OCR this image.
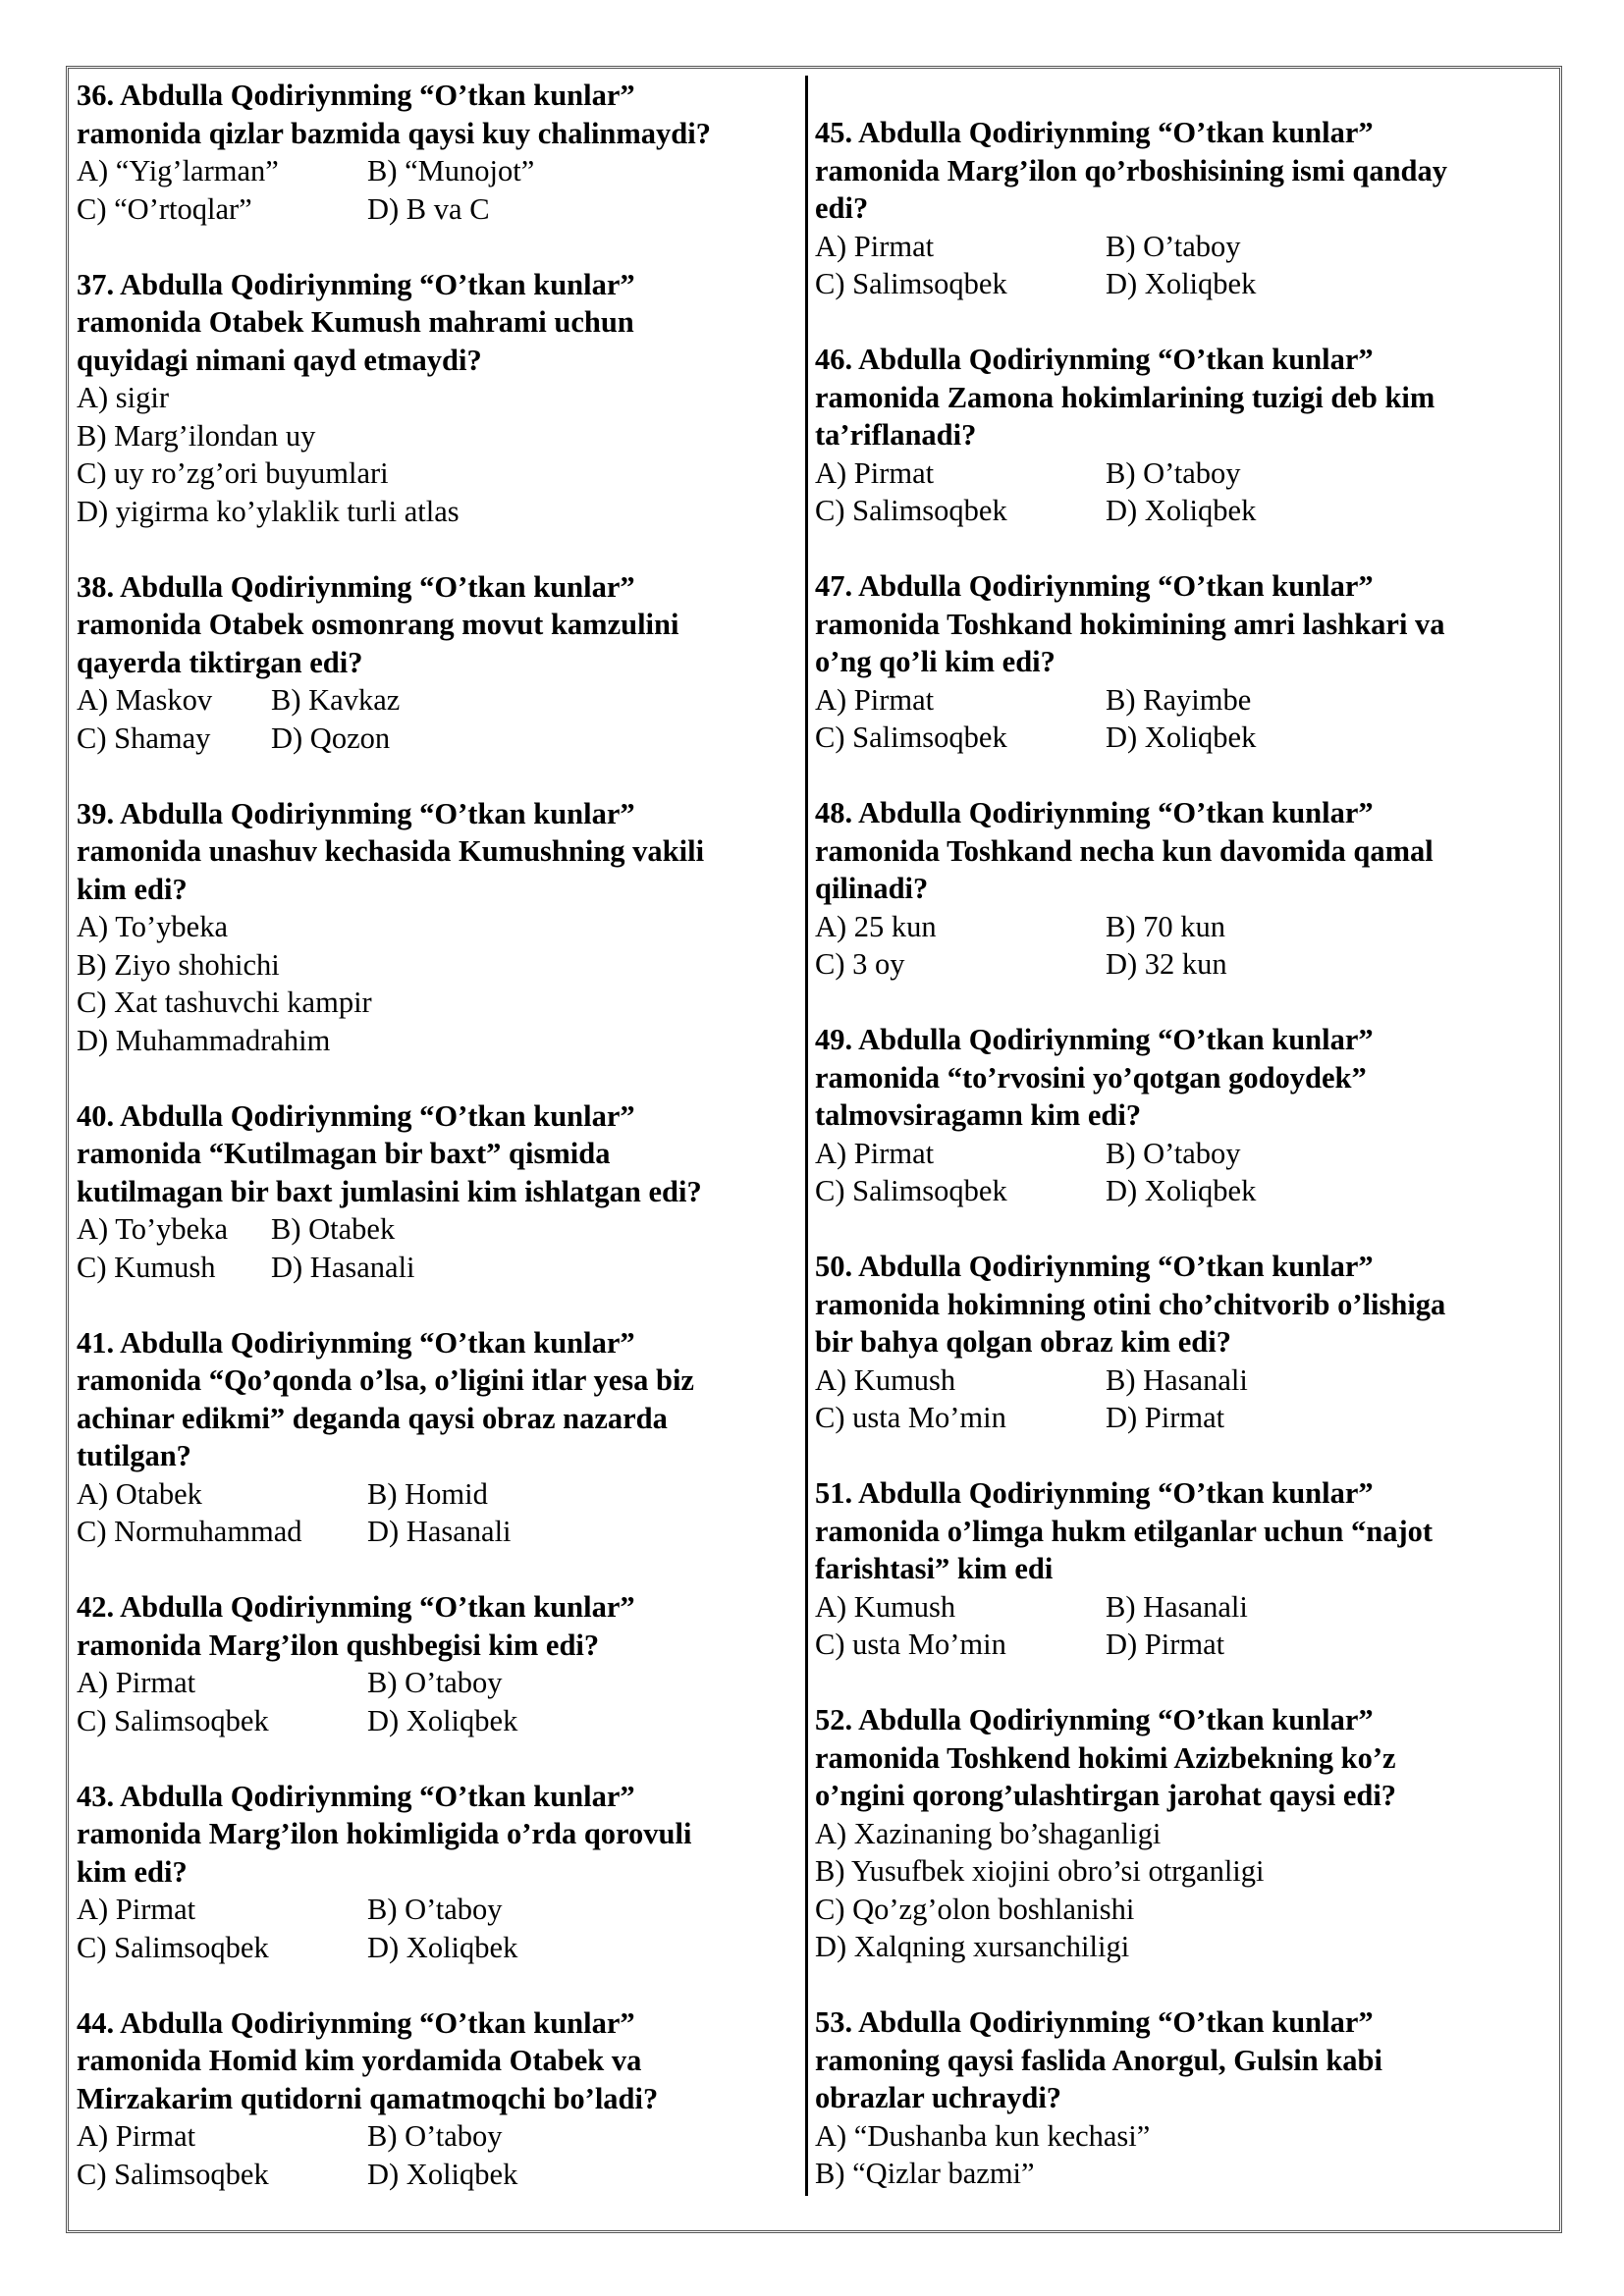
36. Abdulla Qodiriynming “O’tkan kunlar”
ramonida qizlar bazmida qaysi kuy chalinmaydi?
A) “Yig’larman”	B) “Munojot”
C) “O’rtoqlar”	D) B va C
37. Abdulla Qodiriynming “O’tkan kunlar”
ramonida Otabek Kumush mahrami uchun
quyidagi nimani qayd etmaydi?
A) sigir
B) Marg’ilondan uy
C) uy ro’zg’ori buyumlari
D) yigirma ko’ylaklik turli atlas
38. Abdulla Qodiriynming “O’tkan kunlar”
ramonida Otabek osmonrang movut kamzulini
qayerda tiktirgan edi?
A) Maskov B) Kavkaz
C) Shamay D) Qozon
39. Abdulla Qodiriynming “O’tkan kunlar”
ramonida unashuv kechasida Kumushning vakili
kim edi?
A) To’ybeka
B) Ziyo shohichi
C) Xat tashuvchi kampir
D) Muhammadrahim
40. Abdulla Qodiriynming “O’tkan kunlar”
ramonida “Kutilmagan bir baxt” qismida
kutilmagan bir baxt jumlasini kim ishlatgan edi?
A) To’ybeka B) Otabek
C) Kumush D) Hasanali
41. Abdulla Qodiriynming “O’tkan kunlar”
ramonida “Qo’qonda o’lsa, o’ligini itlar yesa biz
achinar edikmi” deganda qaysi obraz nazarda
tutilgan?
A) Otabek	B) Homid
C) Normuhammad D) Hasanali
42. Abdulla Qodiriynming “O’tkan kunlar”
ramonida Marg’ilon qushbegisi kim edi?
A) Pirmat	B) O’taboy
C) Salimsoqbek	D) Xoliqbek
43. Abdulla Qodiriynming “O’tkan kunlar”
ramonida Marg’ilon hokimligida o’rda qorovuli
kim edi?
A) Pirmat	B) O’taboy
C) Salimsoqbek	D) Xoliqbek
44. Abdulla Qodiriynming “O’tkan kunlar”
ramonida Homid kim yordamida Otabek va
Mirzakarim qutidorni qamatmoqchi bo’ladi?
A) Pirmat	B) O’taboy
C) Salimsoqbek	D) Xoliqbek
45. Abdulla Qodiriynming “O’tkan kunlar”
ramonida Marg’ilon qo’rboshisining ismi qanday
edi?
A) Pirmat	B) O’taboy
C) Salimsoqbek	D) Xoliqbek
46. Abdulla Qodiriynming “O’tkan kunlar”
ramonida Zamona hokimlarining tuzigi deb kim
ta’riflanadi?
A) Pirmat	B) O’taboy
C) Salimsoqbek	D) Xoliqbek
47. Abdulla Qodiriynming “O’tkan kunlar”
ramonida Toshkand hokimining amri lashkari va
o’ng qo’li kim edi?
A) Pirmat	B) Rayimbe
C) Salimsoqbek	D) Xoliqbek
48. Abdulla Qodiriynming “O’tkan kunlar”
ramonida Toshkand necha kun davomida qamal
qilinadi?
A) 25 kun	B) 70 kun
C) 3 oy	D) 32 kun
49. Abdulla Qodiriynming “O’tkan kunlar”
ramonida “to’rvosini yo’qotgan godoydek”
talmovsiragamn kim edi?
A) Pirmat	B) O’taboy
C) Salimsoqbek	D) Xoliqbek
50. Abdulla Qodiriynming “O’tkan kunlar”
ramonida hokimning otini cho’chitvorib o’lishiga
bir bahya qolgan obraz kim edi?
A) Kumush	B) Hasanali
C) usta Mo’min	D) Pirmat
51. Abdulla Qodiriynming “O’tkan kunlar”
ramonida o’limga hukm etilganlar uchun “najot
farishtasi” kim edi
A) Kumush	B) Hasanali
C) usta Mo’min	D) Pirmat
52. Abdulla Qodiriynming “O’tkan kunlar”
ramonida Toshkend hokimi Azizbekning ko’z
o’ngini qorong’ulashtirgan jarohat qaysi edi?
A) Xazinaning bo’shaganligi
B) Yusufbek xiojini obro’si otrganligi
C) Qo’zg’olon boshlanishi
D) Xalqning xursanchiligi
53. Abdulla Qodiriynming “O’tkan kunlar”
ramoning qaysi faslida Anorgul, Gulsin kabi
obrazlar uchraydi?
A) “Dushanba kun kechasi”
B) “Qizlar bazmi”
